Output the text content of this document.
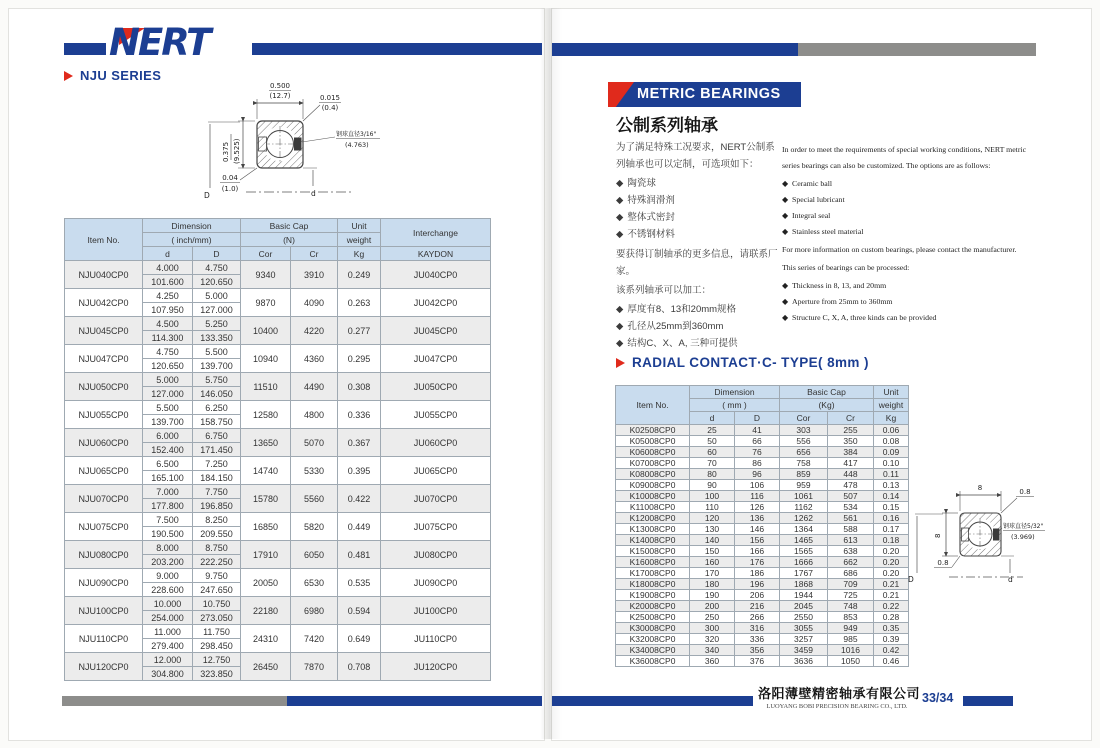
NERT
NJU SERIES
0.500
(12.7)	0.015
(0.4)
0.375 (9.525)
D
0.04
(1.0)	d
钢球直径3/16"
(4.763)
Item No.	Dimension		Basic Cap		Unit	Interchange
	( inch/mm)		(N)		weight	
	d	D	Cor	Cr	Kg	KAYDON
NJU040CP0	4.000	4.750	9340	3910	0.249	JU040CP0
	101.600	120.650				
NJU042CP0	4.250	5.000	9870	4090	0.263	JU042CP0
	107.950	127.000				
NJU045CP0	4.500	5.250	10400	4220	0.277	JU045CP0
	114.300	133.350				
NJU047CP0	4.750	5.500	10940	4360	0.295	JU047CP0
	120.650	139.700				
NJU050CP0	5.000	5.750	11510	4490	0.308	JU050CP0
	127.000	146.050				
NJU055CP0	5.500	6.250	12580	4800	0.336	JU055CP0
	139.700	158.750				
NJU060CP0	6.000	6.750	13650	5070	0.367	JU060CP0
	152.400	171.450				
NJU065CP0	6.500	7.250	14740	5330	0.395	JU065CP0
	165.100	184.150				
NJU070CP0	7.000	7.750	15780	5560	0.422	JU070CP0
	177.800	196.850				
NJU075CP0	7.500	8.250	16850	5820	0.449	JU075CP0
	190.500	209.550				
NJU080CP0	8.000	8.750	17910	6050	0.481	JU080CP0
	203.200	222.250				
NJU090CP0	9.000	9.750	20050	6530	0.535	JU090CP0
	228.600	247.650				
NJU100CP0	10.000	10.750	22180	6980	0.594	JU100CP0
	254.000	273.050				
NJU110CP0	11.000	11.750	24310	7420	0.649	JU110CP0
	279.400	298.450				
NJU120CP0	12.000	12.750	26450	7870	0.708	JU120CP0
	304.800	323.850				
METRIC BEARINGS
公制系列轴承

为了满足特殊工况要求，NERT公制系列轴承也可以定制，可选项如下：

◆ 陶瓷球
◆ 特殊润滑剂
◆ 整体式密封
◆ 不锈钢材料

要获得订制轴承的更多信息，请联系厂家。

该系列轴承可以加工：

◆ 厚度有8、13和20mm规格
◆ 孔径从25mm到360mm
◆ 结构C、X、A, 三种可提供

In order to meet the requirements of special working conditions, NERT metric series bearings can also be customized. The options are as follows:

◆ Ceramic ball
◆ Special lubricant
◆ Integral seal
◆ Stainless steel material

For more information on custom bearings, please contact the manufacturer.

This series of bearings can be processed:

◆ Thickness in 8, 13, and 20mm
◆ Aperture from 25mm to 360mm
◆ Structure C, X, A, three kinds can be provided
RADIAL CONTACT·C- TYPE( 8mm )
Item No.	Dimension		Basic Cap		Unit
	( mm )		(Kg)		weight
	d	D	Cor	Cr	Kg
K02508CP0	25	41	303	255	0.06
K05008CP0	50	66	556	350	0.08
K06008CP0	60	76	656	384	0.09
K07008CP0	70	86	758	417	0.10
K08008CP0	80	96	859	448	0.11
K09008CP0	90	106	959	478	0.13
K10008CP0	100	116	1061	507	0.14
K11008CP0	110	126	1162	534	0.15
K12008CP0	120	136	1262	561	0.16
K13008CP0	130	146	1364	588	0.17
K14008CP0	140	156	1465	613	0.18
K15008CP0	150	166	1565	638	0.20
K16008CP0	160	176	1666	662	0.20
K17008CP0	170	186	1767	686	0.20
K18008CP0	180	196	1868	709	0.21
K19008CP0	190	206	1944	725	0.21
K20008CP0	200	216	2045	748	0.22
K25008CP0	250	266	2550	853	0.28
K30008CP0	300	316	3055	949	0.35
K32008CP0	320	336	3257	985	0.39
K34008CP0	340	356	3459	1016	0.42
K36008CP0	360	376	3636	1050	0.46
8	0.8
8
D
0.8
d
钢球直径5/32"
(3.969)
洛阳薄壁精密轴承有限公司
LUOYANG BOBI PRECISION BEARING CO., LTD.
33/34
